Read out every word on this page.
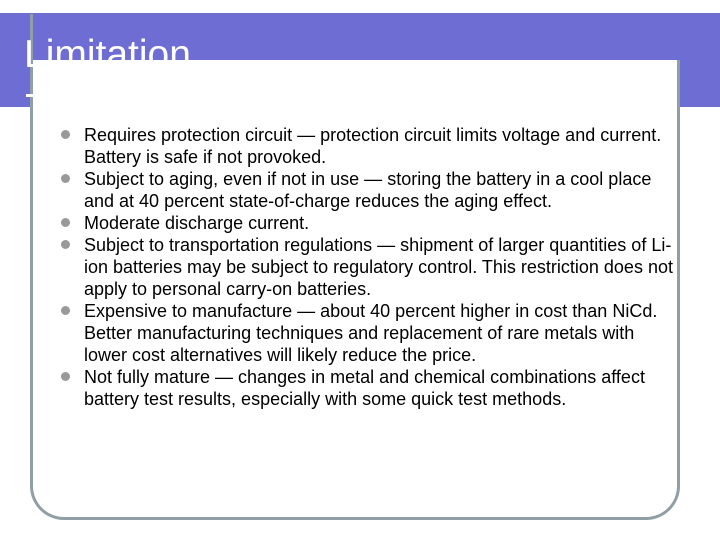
Limitation
Requires protection circuit — protection circuit limits voltage and current. Battery is safe if not provoked.
Subject to aging, even if not in use — storing the battery in a cool place and at 40 percent state-of-charge reduces the aging effect.
Moderate discharge current.
Subject to transportation regulations — shipment of larger quantities of Li-ion batteries may be subject to regulatory control. This restriction does not apply to personal carry-on batteries.
Expensive to manufacture — about 40 percent higher in cost than NiCd. Better manufacturing techniques and replacement of rare metals with lower cost alternatives will likely reduce the price.
Not fully mature — changes in metal and chemical combinations affect battery test results, especially with some quick test methods.
